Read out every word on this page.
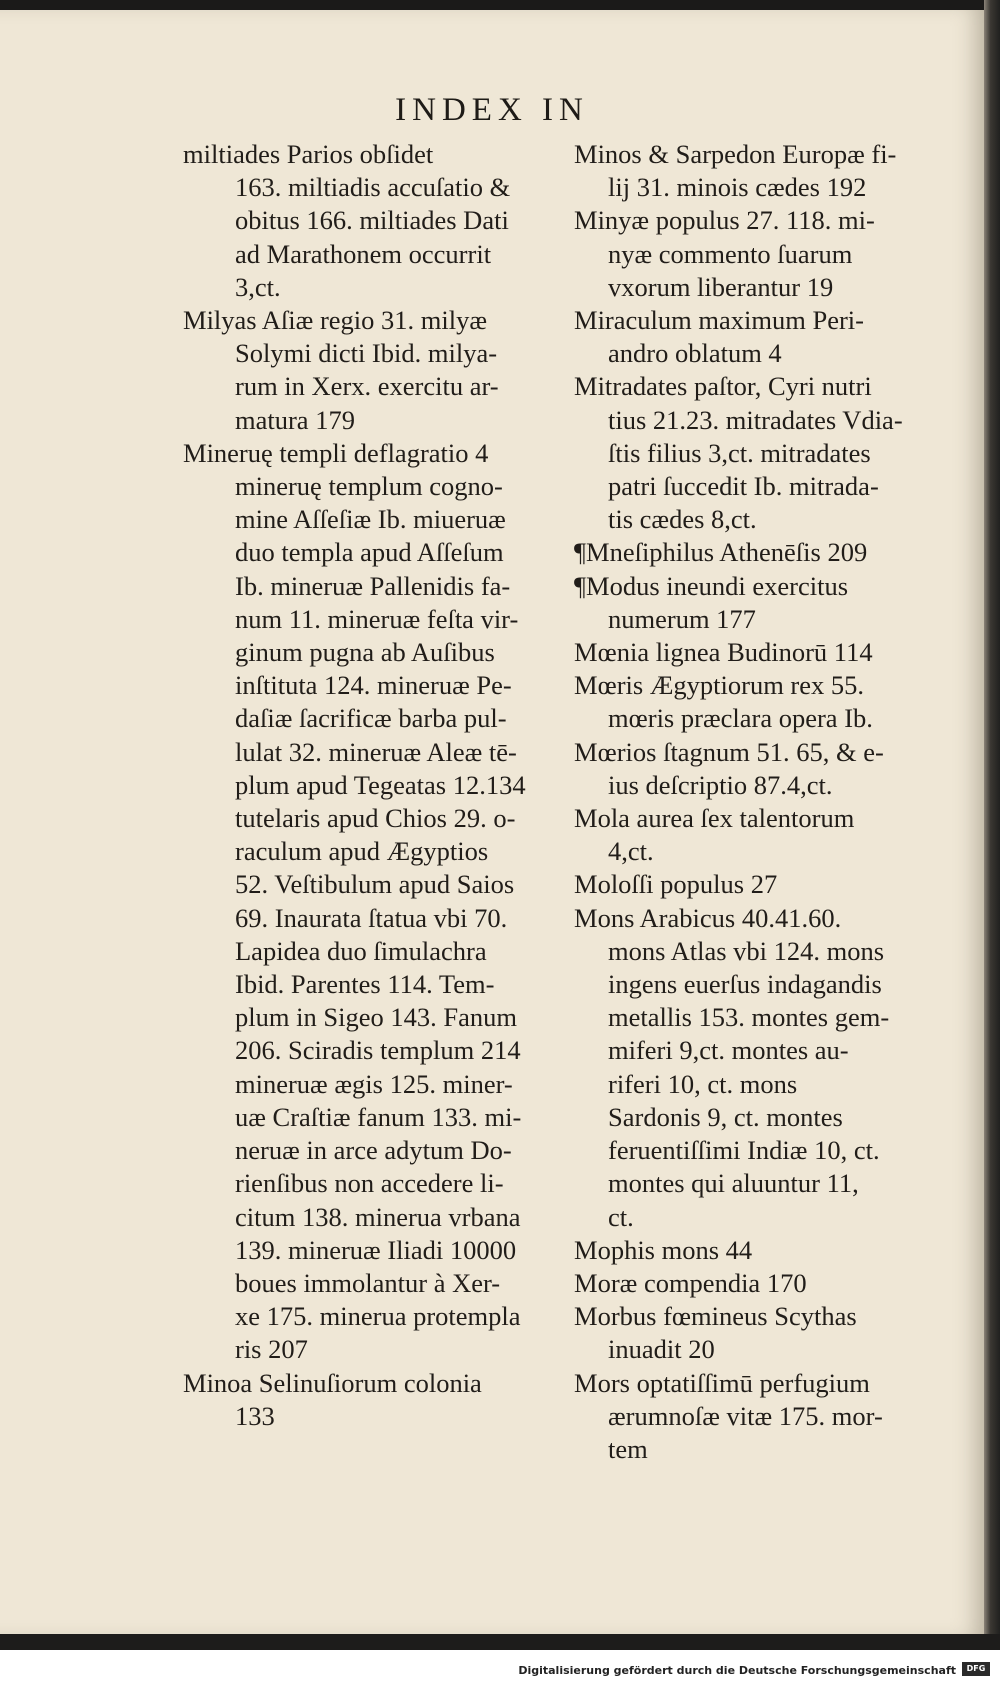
INDEX IN

miltiades Parios obſidet
163. miltiadis accuſatio &
obitus 166. miltiades Dati
ad Marathonem occurrit
3,ct.

Milyas Aſiæ regio 31. milyæ
Solymi dicti Ibid. milya-
rum in Xerx. exercitu ar-
matura 179

Mineruę templi deflagratio 4
mineruę templum cogno-
mine Aſſeſiæ Ib. miueruæ
duo templa apud Aſſeſum
Ib. mineruæ Pallenidis fa-
num 11. mineruæ feſta vir-
ginum pugna ab Auſibus
inſtituta 124. mineruæ Pe-
daſiæ ſacrificæ barba pul-
lulat 32. mineruæ Aleæ tē-
plum apud Tegeatas 12.134
tutelaris apud Chios 29. o-
raculum apud Ægyptios
52. Veſtibulum apud Saios
69. Inaurata ſtatua vbi 70.
Lapidea duo ſimulachra
Ibid. Parentes 114. Tem-
plum in Sigeo 143. Fanum
206. Sciradis templum 214
mineruæ ægis 125. miner-
uæ Craſtiæ fanum 133. mi-
neruæ in arce adytum Do-
rienſibus non accedere li-
citum 138. minerua vrbana
139. mineruæ Iliadi 10000
boues immolantur à Xer-
xe 175. minerua protempla
ris 207

Minoa Selinuſiorum colonia
133

Minos & Sarpedon Europæ fi-
lij 31. minois cædes 192

Minyæ populus 27. 118. mi-
nyæ commento ſuarum
vxorum liberantur 19

Miraculum maximum Peri-
andro oblatum 4

Mitradates paſtor, Cyri nutri
tius 21.23. mitradates Vdia-
ſtis filius 3,ct. mitradates
patri ſuccedit Ib. mitrada-
tis cædes 8,ct.

¶Mneſiphilus Athenēſis 209

¶Modus ineundi exercitus
numerum 177

Mœnia lignea Budinorū 114

Mœris Ægyptiorum rex 55.
mœris præclara opera Ib.

Mœrios ſtagnum 51. 65, & e-
ius deſcriptio 87.4,ct.

Mola aurea ſex talentorum
4,ct.

Moloſſi populus 27

Mons Arabicus 40.41.60.
mons Atlas vbi 124. mons
ingens euerſus indagandis
metallis 153. montes gem-
miferi 9,ct. montes au-
riferi 10, ct. mons
Sardonis 9, ct. montes
feruentiſſimi Indiæ 10, ct.
montes qui aluuntur 11,
ct.

Mophis mons 44

Moræ compendia 170

Morbus fœmineus Scythas
inuadit 20

Mors optatiſſimū perfugium
ærumnoſæ vitæ 175. mor-
tem

Digitalisierung gefördert durch die Deutsche Forschungsgemeinschaft	DFG
